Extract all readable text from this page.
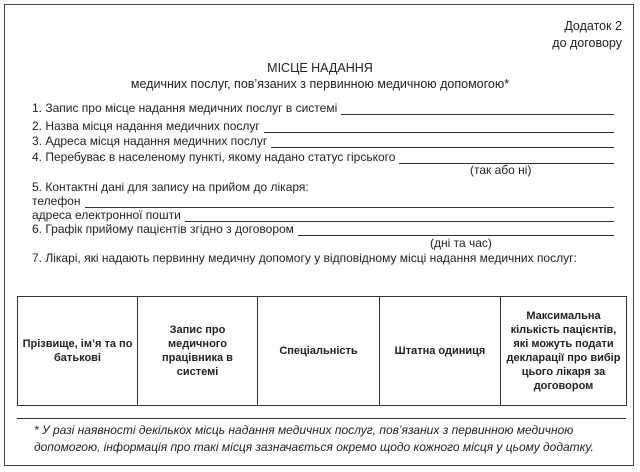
Додаток 2
до договору
МІСЦЕ НАДАННЯ
медичних послуг, пов’язаних з первинною медичною допомогою*
1. Запис про місце надання медичних послуг в системі
2. Назва місця надання медичних послуг
3. Адреса місця надання медичних послуг
4. Перебуває в населеному пункті, якому надано статус гірського
(так або ні)
5. Контактні дані для запису на прийом до лікаря:
телефон
адреса електронної пошти
6. Графік прийому пацієнтів згідно з договором
(дні та час)
7. Лікарі, які надають первинну медичну допомогу у відповідному місці надання медичних послуг:
Прізвище, ім’я та по батькові	Запис про медичного працівника в системі	Спеціальність	Штатна одиниця	Максимальна кількість пацієнтів, які можуть подати декларації про вибір цього лікаря за договором
* У разі наявності декількох місць надання медичних послуг, пов’язаних з первинною медичною допомогою, інформація про такі місця зазначається окремо щодо кожного місця у цьому додатку.
